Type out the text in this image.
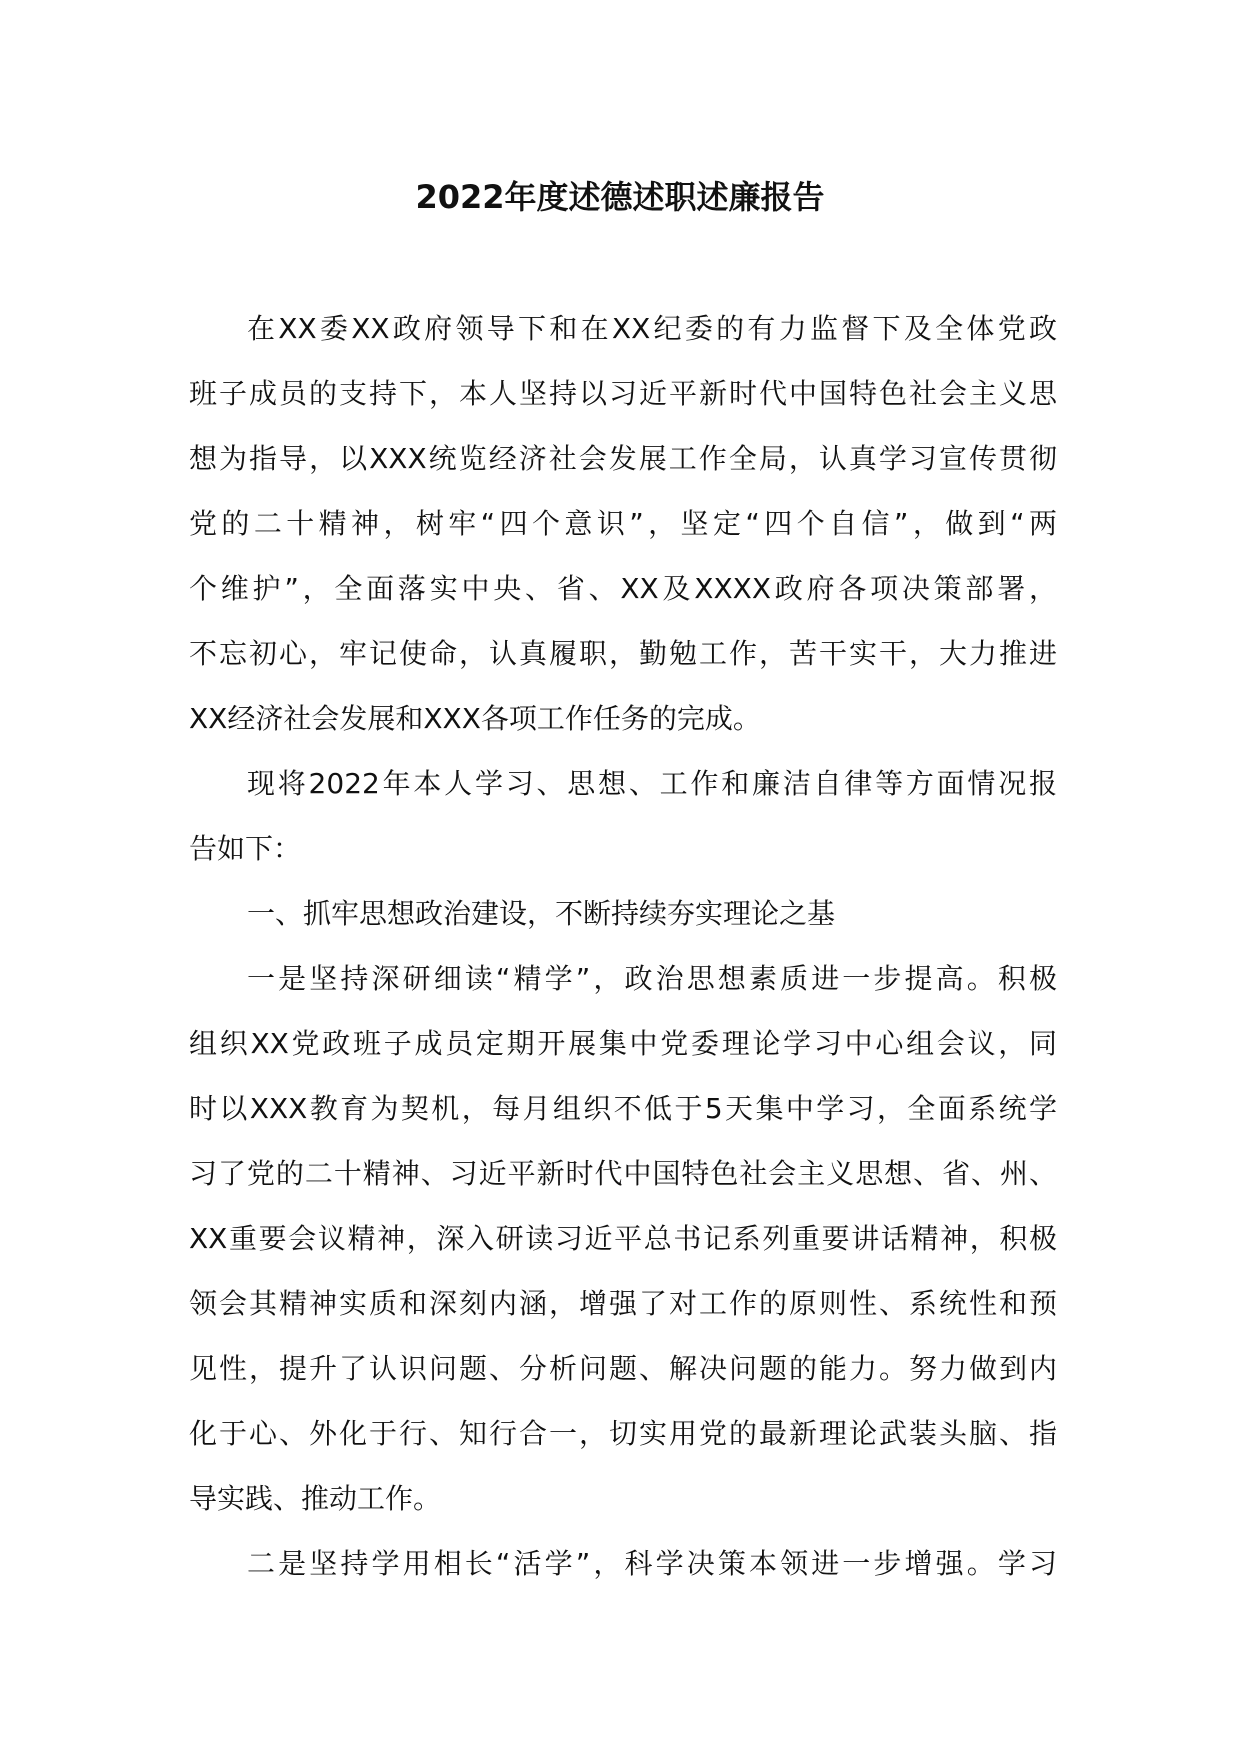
2022年度述德述职述廉报告
在XX委XX政府领导下和在XX纪委的有力监督下及全体党政
班子成员的支持下，本人坚持以习近平新时代中国特色社会主义思
想为指导，以XXX统览经济社会发展工作全局，认真学习宣传贯彻
党的二十精神，树牢“四个意识”，坚定“四个自信”，做到“两
个维护”，全面落实中央、省、XX及XXXX政府各项决策部署，
不忘初心，牢记使命，认真履职，勤勉工作，苦干实干，大力推进
XX经济社会发展和XXX各项工作任务的完成。
现将2022年本人学习、思想、工作和廉洁自律等方面情况报
告如下：
一、抓牢思想政治建设，不断持续夯实理论之基
一是坚持深研细读“精学”，政治思想素质进一步提高。积极
组织XX党政班子成员定期开展集中党委理论学习中心组会议，同
时以XXX教育为契机，每月组织不低于5天集中学习，全面系统学
习了党的二十精神、习近平新时代中国特色社会主义思想、省、州、
XX重要会议精神，深入研读习近平总书记系列重要讲话精神，积极
领会其精神实质和深刻内涵，增强了对工作的原则性、系统性和预
见性，提升了认识问题、分析问题、解决问题的能力。努力做到内
化于心、外化于行、知行合一，切实用党的最新理论武装头脑、指
导实践、推动工作。
二是坚持学用相长“活学”，科学决策本领进一步增强。学习
